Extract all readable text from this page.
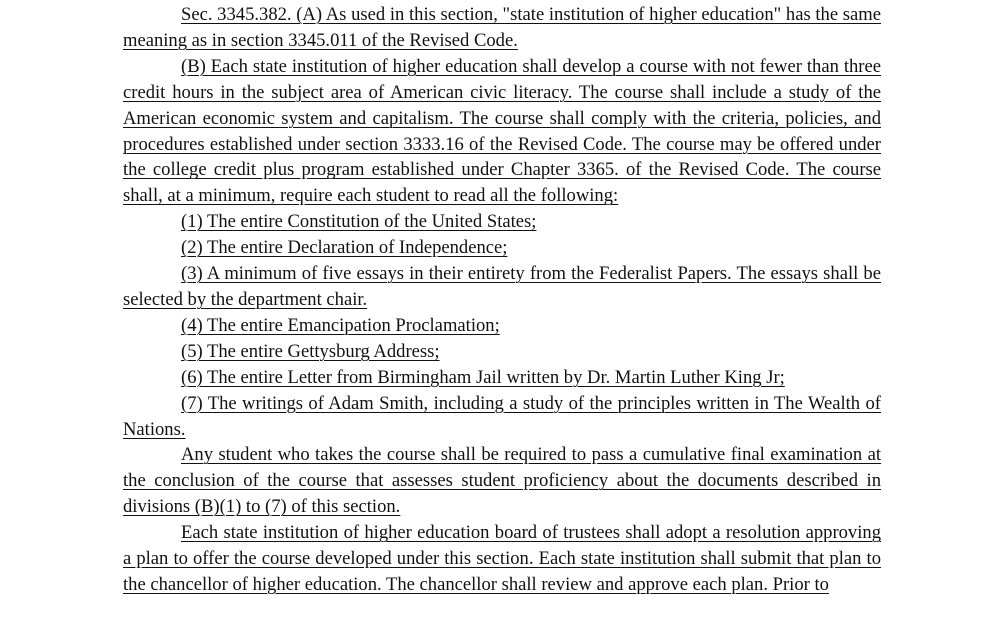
Sec. 3345.382. (A) As used in this section, "state institution of higher education" has the same meaning as in section 3345.011 of the Revised Code.

(B) Each state institution of higher education shall develop a course with not fewer than three credit hours in the subject area of American civic literacy. The course shall include a study of the American economic system and capitalism. The course shall comply with the criteria, policies, and procedures established under section 3333.16 of the Revised Code. The course may be offered under the college credit plus program established under Chapter 3365. of the Revised Code. The course shall, at a minimum, require each student to read all the following:

(1) The entire Constitution of the United States;

(2) The entire Declaration of Independence;

(3) A minimum of five essays in their entirety from the Federalist Papers. The essays shall be selected by the department chair.

(4) The entire Emancipation Proclamation;

(5) The entire Gettysburg Address;

(6) The entire Letter from Birmingham Jail written by Dr. Martin Luther King Jr;

(7) The writings of Adam Smith, including a study of the principles written in The Wealth of Nations.

Any student who takes the course shall be required to pass a cumulative final examination at the conclusion of the course that assesses student proficiency about the documents described in divisions (B)(1) to (7) of this section.

Each state institution of higher education board of trustees shall adopt a resolution approving a plan to offer the course developed under this section. Each state institution shall submit that plan to the chancellor of higher education. The chancellor shall review and approve each plan. Prior to
